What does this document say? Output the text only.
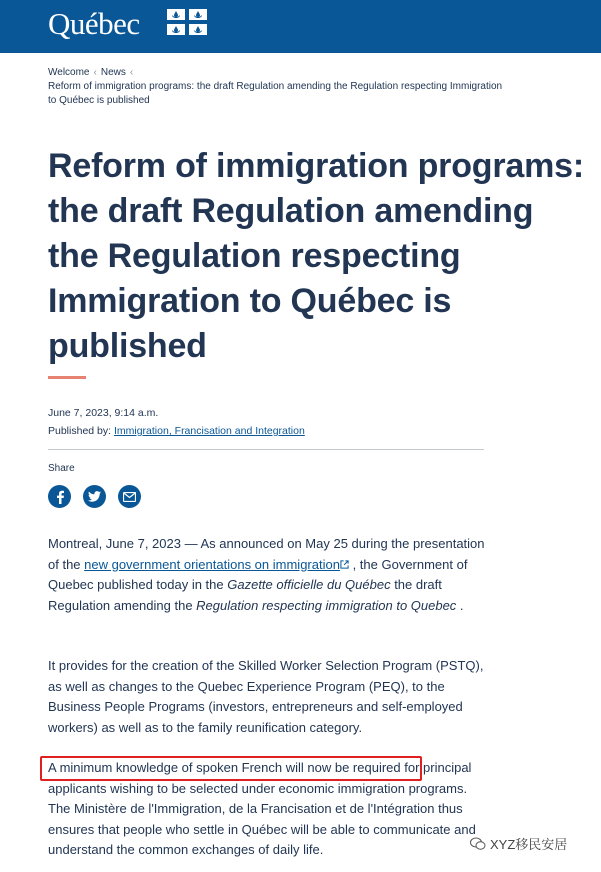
Québec
Welcome ‹ News ‹
Reform of immigration programs: the draft Regulation amending the Regulation respecting Immigration
to Québec is published
Reform of immigration programs: the draft Regulation amending the Regulation respecting Immigration to Québec is published
June 7, 2023, 9:14 a.m.
Published by: Immigration, Francisation and Integration
Share
Montreal, June 7, 2023 — As announced on May 25 during the presentation of the new government orientations on immigration , the Government of Quebec published today in the Gazette officielle du Québec the draft Regulation amending the Regulation respecting immigration to Quebec .
It provides for the creation of the Skilled Worker Selection Program (PSTQ), as well as changes to the Quebec Experience Program (PEQ), to the Business People Programs (investors, entrepreneurs and self-employed workers) as well as to the family reunification category.
A minimum knowledge of spoken French will now be required for principal applicants wishing to be selected under economic immigration programs. The Ministère de l'Immigration, de la Francisation et de l'Intégration thus ensures that people who settle in Québec will be able to communicate and understand the common exchanges of daily life.	XYZ移民安居
